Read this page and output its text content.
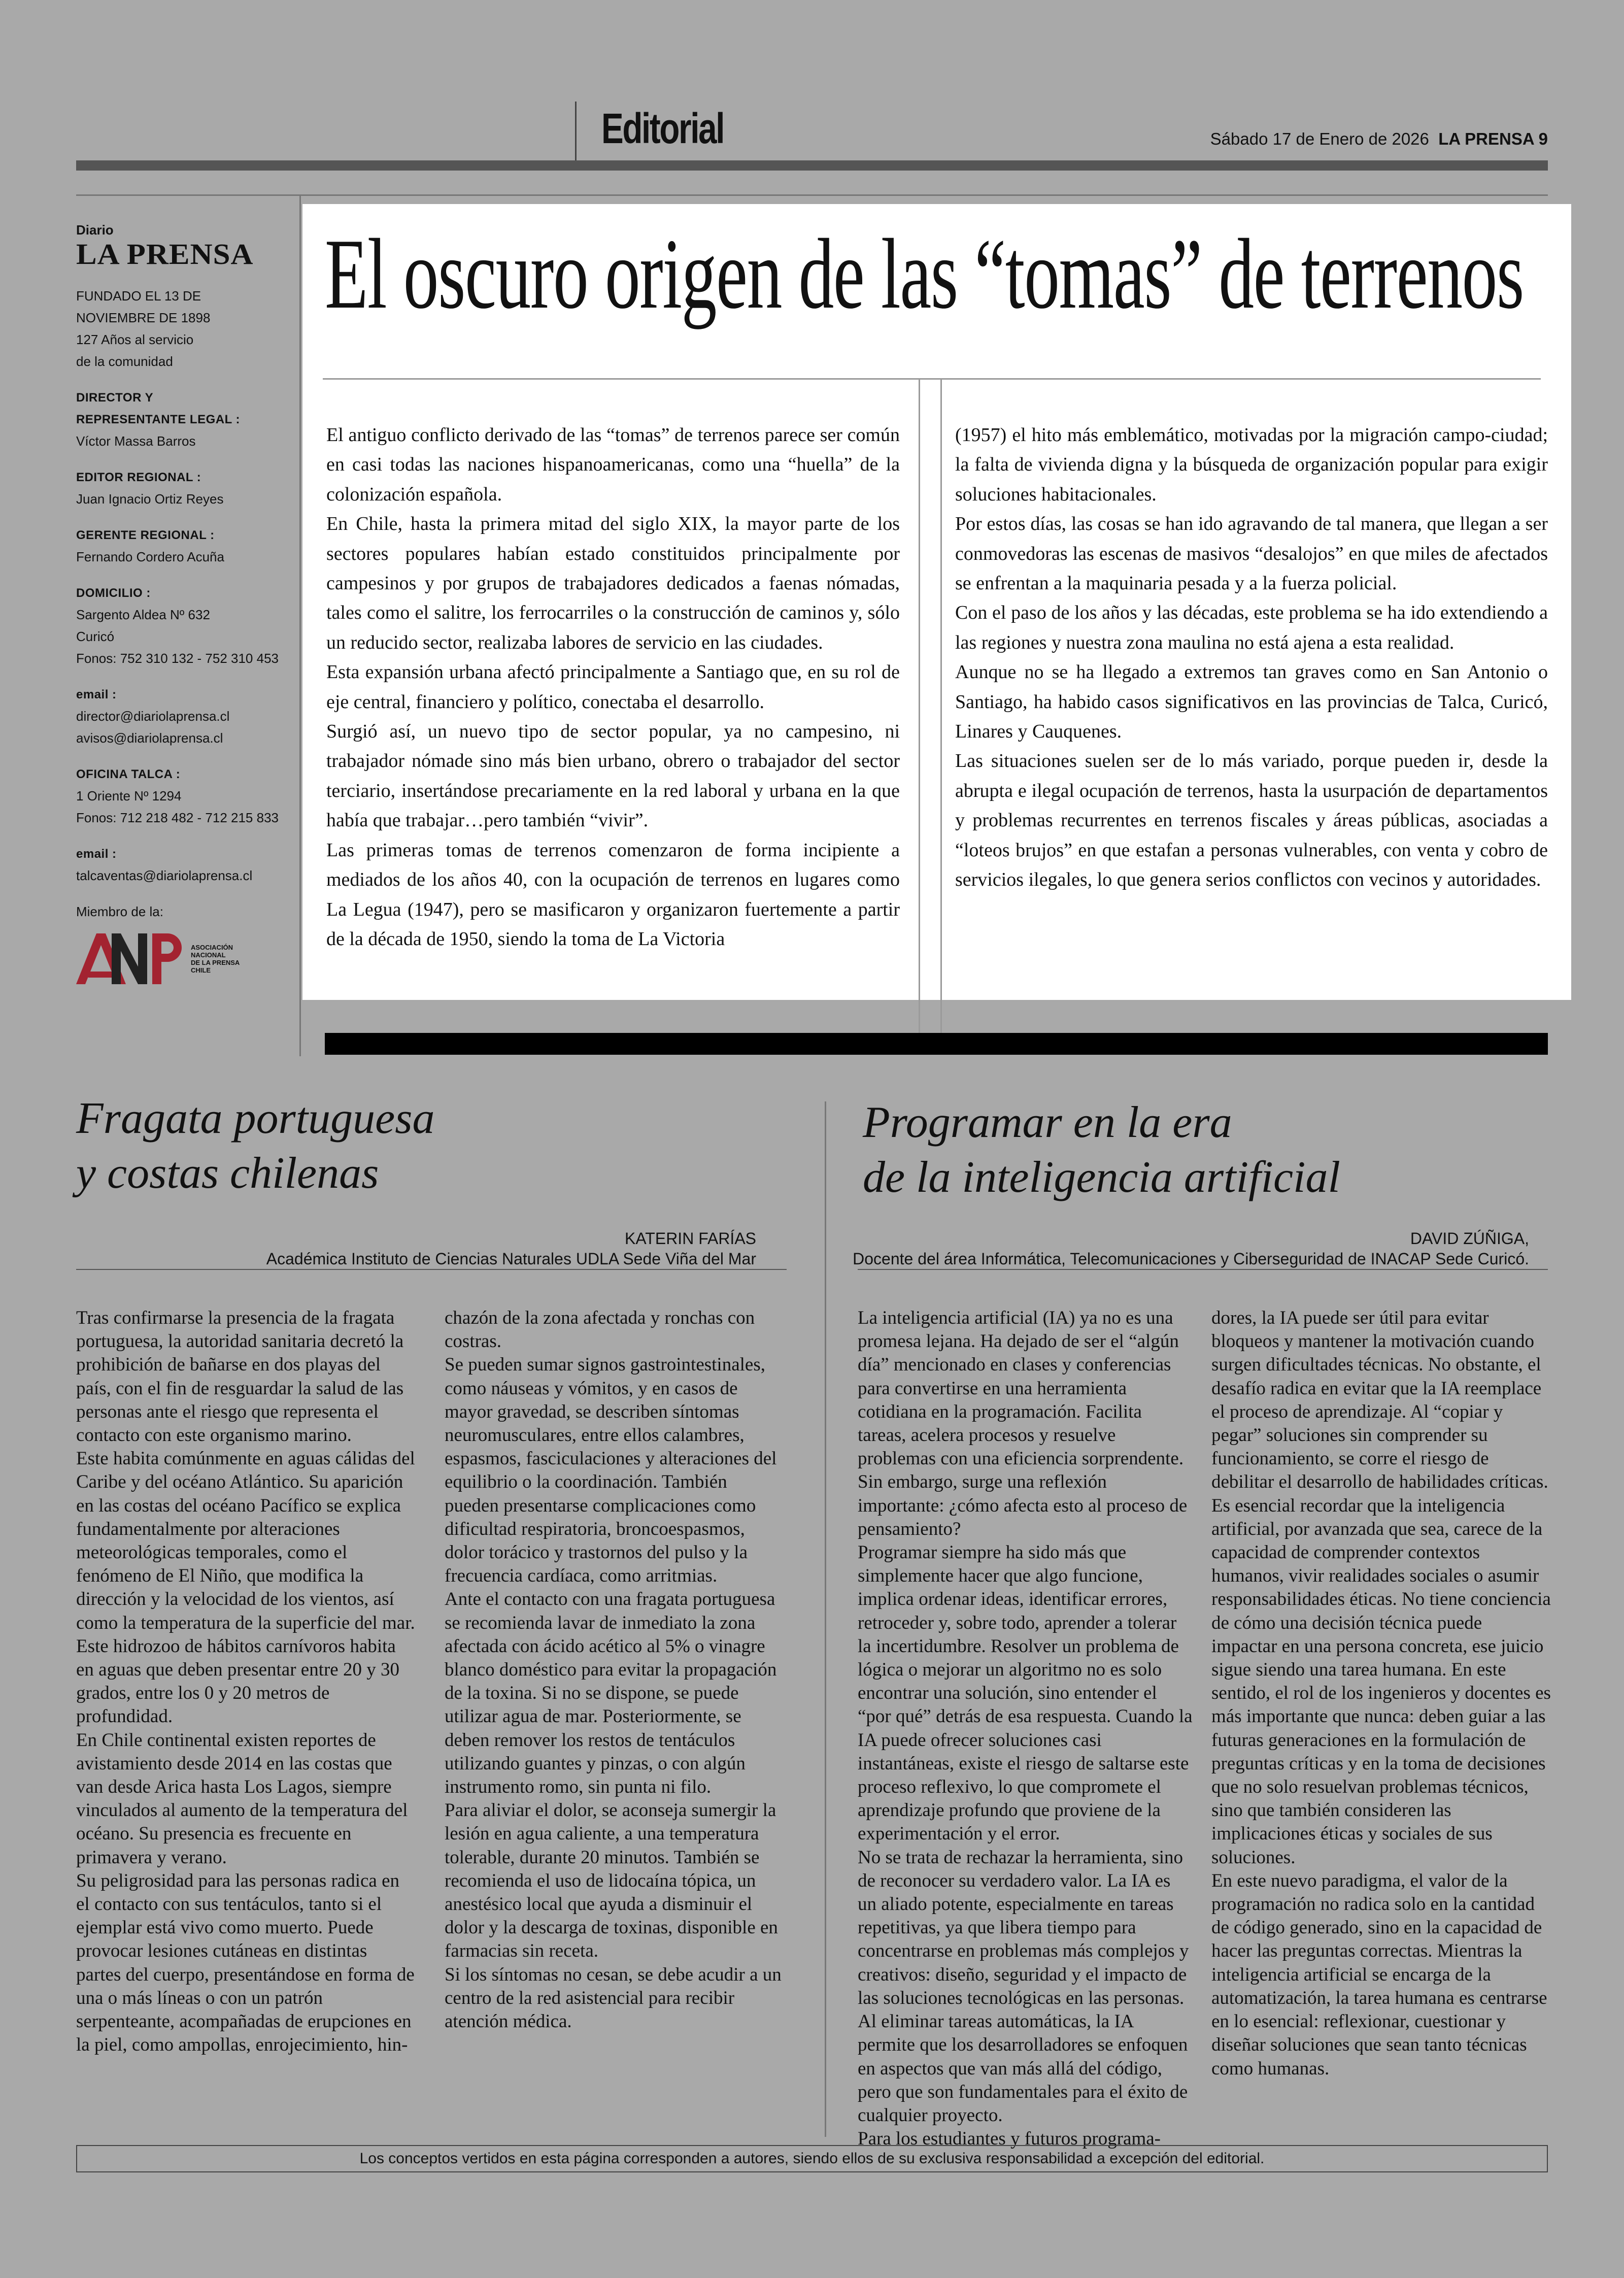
Editorial	Sábado 17 de Enero de 2026 LA PRENSA 9
Diario
LA PRENSA
FUNDADO EL 13 DE
NOVIEMBRE DE 1898
127 Años al servicio
de la comunidad
DIRECTOR Y
REPRESENTANTE LEGAL :
Víctor Massa Barros
EDITOR REGIONAL :
Juan Ignacio Ortiz Reyes
GERENTE REGIONAL :
Fernando Cordero Acuña
DOMICILIO :
Sargento Aldea Nº 632
Curicó
Fonos: 752 310 132 - 752 310 453
email :
director@diariolaprensa.cl
avisos@diariolaprensa.cl
OFICINA TALCA :
1 Oriente Nº 1294
Fonos: 712 218 482 - 712 215 833
email :
talcaventas@diariolaprensa.cl
Miembro de la:
ASOCIACIÓN
NACIONAL
DE LA PRENSA
CHILE
El oscuro origen de las “tomas” de terrenos

El antiguo conflicto derivado de las “tomas” de terrenos parece ser común en casi todas las naciones hispanoamericanas, como una “huella” de la colonización española.

En Chile, hasta la primera mitad del siglo XIX, la mayor parte de los sectores populares habían estado constituidos principalmente por campesinos y por grupos de trabajadores dedicados a faenas nómadas, tales como el salitre, los ferrocarriles o la construcción de caminos y, sólo un reducido sector, realizaba labores de servicio en las ciudades.

Esta expansión urbana afectó principalmente a Santiago que, en su rol de eje central, financiero y político, conectaba el desarrollo.

Surgió así, un nuevo tipo de sector popular, ya no campesino, ni trabajador nómade sino más bien urbano, obrero o trabajador del sector terciario, insertándose precariamente en la red laboral y urbana en la que había que trabajar…pero también “vivir”.

Las primeras tomas de terrenos comenzaron de forma incipiente a mediados de los años 40, con la ocupación de terrenos en lugares como La Legua (1947), pero se masificaron y organizaron fuertemente a partir de la década de 1950, siendo la toma de La Victoria

(1957) el hito más emblemático, motivadas por la migración campo-ciudad; la falta de vivienda digna y la búsqueda de organización popular para exigir soluciones habitacionales.

Por estos días, las cosas se han ido agravando de tal manera, que llegan a ser conmovedoras las escenas de masivos “desalojos” en que miles de afectados se enfrentan a la maquinaria pesada y a la fuerza policial.

Con el paso de los años y las décadas, este problema se ha ido extendiendo a las regiones y nuestra zona maulina no está ajena a esta realidad.

Aunque no se ha llegado a extremos tan graves como en San Antonio o Santiago, ha habido casos significativos en las provincias de Talca, Curicó, Linares y Cauquenes.

Las situaciones suelen ser de lo más variado, porque pueden ir, desde la abrupta e ilegal ocupación de terrenos, hasta la usurpación de departamentos y problemas recurrentes en terrenos fiscales y áreas públicas, asociadas a “loteos brujos” en que estafan a personas vulnerables, con venta y cobro de servicios ilegales, lo que genera serios conflictos con vecinos y autoridades.

Fragata portuguesa
y costas chilenas
KATERIN FARÍAS
Académica Instituto de Ciencias Naturales UDLA Sede Viña del Mar

Tras confirmarse la presencia de la fragata portuguesa, la autoridad sanitaria decretó la prohibición de bañarse en dos playas del país, con el fin de resguardar la salud de las personas ante el riesgo que representa el contacto con este organismo marino.

Este habita comúnmente en aguas cálidas del Caribe y del océano Atlántico. Su aparición en las costas del océano Pacífico se explica fundamentalmente por alteraciones meteorológicas temporales, como el fenómeno de El Niño, que modifica la dirección y la velocidad de los vientos, así como la temperatura de la superficie del mar.

Este hidrozoo de hábitos carnívoros habita en aguas que deben presentar entre 20 y 30 grados, entre los 0 y 20 metros de profundidad.

En Chile continental existen reportes de avistamiento desde 2014 en las costas que van desde Arica hasta Los Lagos, siempre vinculados al aumento de la temperatura del océano. Su presencia es frecuente en primavera y verano.

Su peligrosidad para las personas radica en el contacto con sus tentáculos, tanto si el ejemplar está vivo como muerto. Puede provocar lesiones cutáneas en distintas partes del cuerpo, presentándose en forma de una o más líneas o con un patrón serpenteante, acompañadas de erupciones en la piel, como ampollas, enrojecimiento, hin-

chazón de la zona afectada y ronchas con costras.

Se pueden sumar signos gastrointestinales, como náuseas y vómitos, y en casos de mayor gravedad, se describen síntomas neuromusculares, entre ellos calambres, espasmos, fasciculaciones y alteraciones del equilibrio o la coordinación. También pueden presentarse complicaciones como dificultad respiratoria, broncoespasmos, dolor torácico y trastornos del pulso y la frecuencia cardíaca, como arritmias.

Ante el contacto con una fragata portuguesa se recomienda lavar de inmediato la zona afectada con ácido acético al 5% o vinagre blanco doméstico para evitar la propagación de la toxina. Si no se dispone, se puede utilizar agua de mar. Posteriormente, se deben remover los restos de tentáculos utilizando guantes y pinzas, o con algún instrumento romo, sin punta ni filo.

Para aliviar el dolor, se aconseja sumergir la lesión en agua caliente, a una temperatura tolerable, durante 20 minutos. También se recomienda el uso de lidocaína tópica, un anestésico local que ayuda a disminuir el dolor y la descarga de toxinas, disponible en farmacias sin receta.

Si los síntomas no cesan, se debe acudir a un centro de la red asistencial para recibir atención médica.

Programar en la era
de la inteligencia artificial
DAVID ZÚÑIGA,
Docente del área Informática, Telecomunicaciones y Ciberseguridad de INACAP Sede Curicó.

La inteligencia artificial (IA) ya no es una promesa lejana. Ha dejado de ser el “algún día” mencionado en clases y conferencias para convertirse en una herramienta cotidiana en la programación. Facilita tareas, acelera procesos y resuelve problemas con una eficiencia sorprendente. Sin embargo, surge una reflexión importante: ¿cómo afecta esto al proceso de pensamiento?

Programar siempre ha sido más que simplemente hacer que algo funcione, implica ordenar ideas, identificar errores, retroceder y, sobre todo, aprender a tolerar la incertidumbre. Resolver un problema de lógica o mejorar un algoritmo no es solo encontrar una solución, sino entender el “por qué” detrás de esa respuesta. Cuando la IA puede ofrecer soluciones casi instantáneas, existe el riesgo de saltarse este proceso reflexivo, lo que compromete el aprendizaje profundo que proviene de la experimentación y el error.

No se trata de rechazar la herramienta, sino de reconocer su verdadero valor. La IA es un aliado potente, especialmente en tareas repetitivas, ya que libera tiempo para concentrarse en problemas más complejos y creativos: diseño, seguridad y el impacto de las soluciones tecnológicas en las personas. Al eliminar tareas automáticas, la IA permite que los desarrolladores se enfoquen en aspectos que van más allá del código, pero que son fundamentales para el éxito de cualquier proyecto.

Para los estudiantes y futuros programa-

dores, la IA puede ser útil para evitar bloqueos y mantener la motivación cuando surgen dificultades técnicas. No obstante, el desafío radica en evitar que la IA reemplace el proceso de aprendizaje. Al “copiar y pegar” soluciones sin comprender su funcionamiento, se corre el riesgo de debilitar el desarrollo de habilidades críticas.

Es esencial recordar que la inteligencia artificial, por avanzada que sea, carece de la capacidad de comprender contextos humanos, vivir realidades sociales o asumir responsabilidades éticas. No tiene conciencia de cómo una decisión técnica puede impactar en una persona concreta, ese juicio sigue siendo una tarea humana. En este sentido, el rol de los ingenieros y docentes es más importante que nunca: deben guiar a las futuras generaciones en la formulación de preguntas críticas y en la toma de decisiones que no solo resuelvan problemas técnicos, sino que también consideren las implicaciones éticas y sociales de sus soluciones.

En este nuevo paradigma, el valor de la programación no radica solo en la cantidad de código generado, sino en la capacidad de hacer las preguntas correctas. Mientras la inteligencia artificial se encarga de la automatización, la tarea humana es centrarse en lo esencial: reflexionar, cuestionar y diseñar soluciones que sean tanto técnicas como humanas.

Los conceptos vertidos en esta página corresponden a autores, siendo ellos de su exclusiva responsabilidad a excepción del editorial.
